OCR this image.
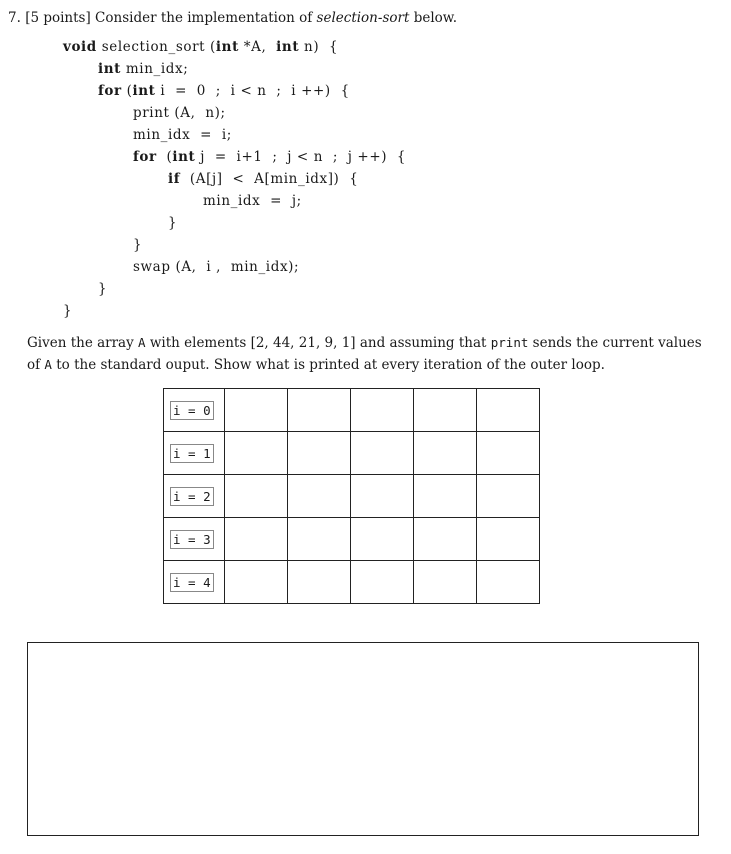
7. [5 points] Consider the implementation of selection-sort below.
void selection_sort (int *A,  int n)  {
int min_idx;
for (int i  =  0  ;  i < n  ;  i ++)  {
print (A,  n);
min_idx  =  i;
for  (int j  =  i+1  ;  j < n  ;  j ++)  {
if  (A[j]  <  A[min_idx])  {
min_idx  =  j;
}
}
swap (A,  i ,  min_idx);
}
}
Given the array A with elements [2, 44, 21, 9, 1] and assuming that print sends the current values of A to the standard ouput. Show what is printed at every iteration of the outer loop.
i = 0					
i = 1					
i = 2					
i = 3					
i = 4					
